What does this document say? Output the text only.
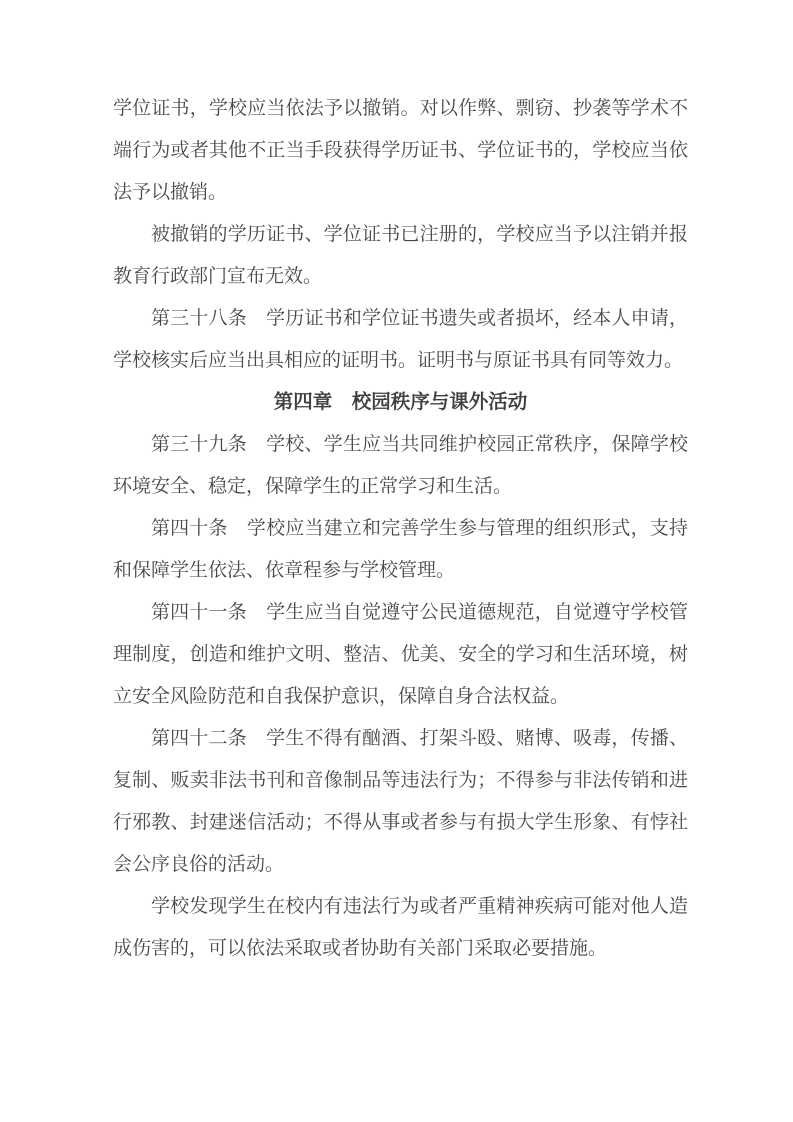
学位证书，学校应当依法予以撤销。对以作弊、剽窃、抄袭等学术不端行为或者其他不正当手段获得学历证书、学位证书的，学校应当依法予以撤销。

被撤销的学历证书、学位证书已注册的，学校应当予以注销并报教育行政部门宣布无效。

第三十八条　学历证书和学位证书遗失或者损坏，经本人申请，学校核实后应当出具相应的证明书。证明书与原证书具有同等效力。

第四章　校园秩序与课外活动

第三十九条　学校、学生应当共同维护校园正常秩序，保障学校环境安全、稳定，保障学生的正常学习和生活。

第四十条　学校应当建立和完善学生参与管理的组织形式，支持和保障学生依法、依章程参与学校管理。

第四十一条　学生应当自觉遵守公民道德规范，自觉遵守学校管理制度，创造和维护文明、整洁、优美、安全的学习和生活环境，树立安全风险防范和自我保护意识，保障自身合法权益。

第四十二条　学生不得有酗酒、打架斗殴、赌博、吸毒，传播、复制、贩卖非法书刊和音像制品等违法行为；不得参与非法传销和进行邪教、封建迷信活动；不得从事或者参与有损大学生形象、有悖社会公序良俗的活动。

学校发现学生在校内有违法行为或者严重精神疾病可能对他人造成伤害的，可以依法采取或者协助有关部门采取必要措施。
